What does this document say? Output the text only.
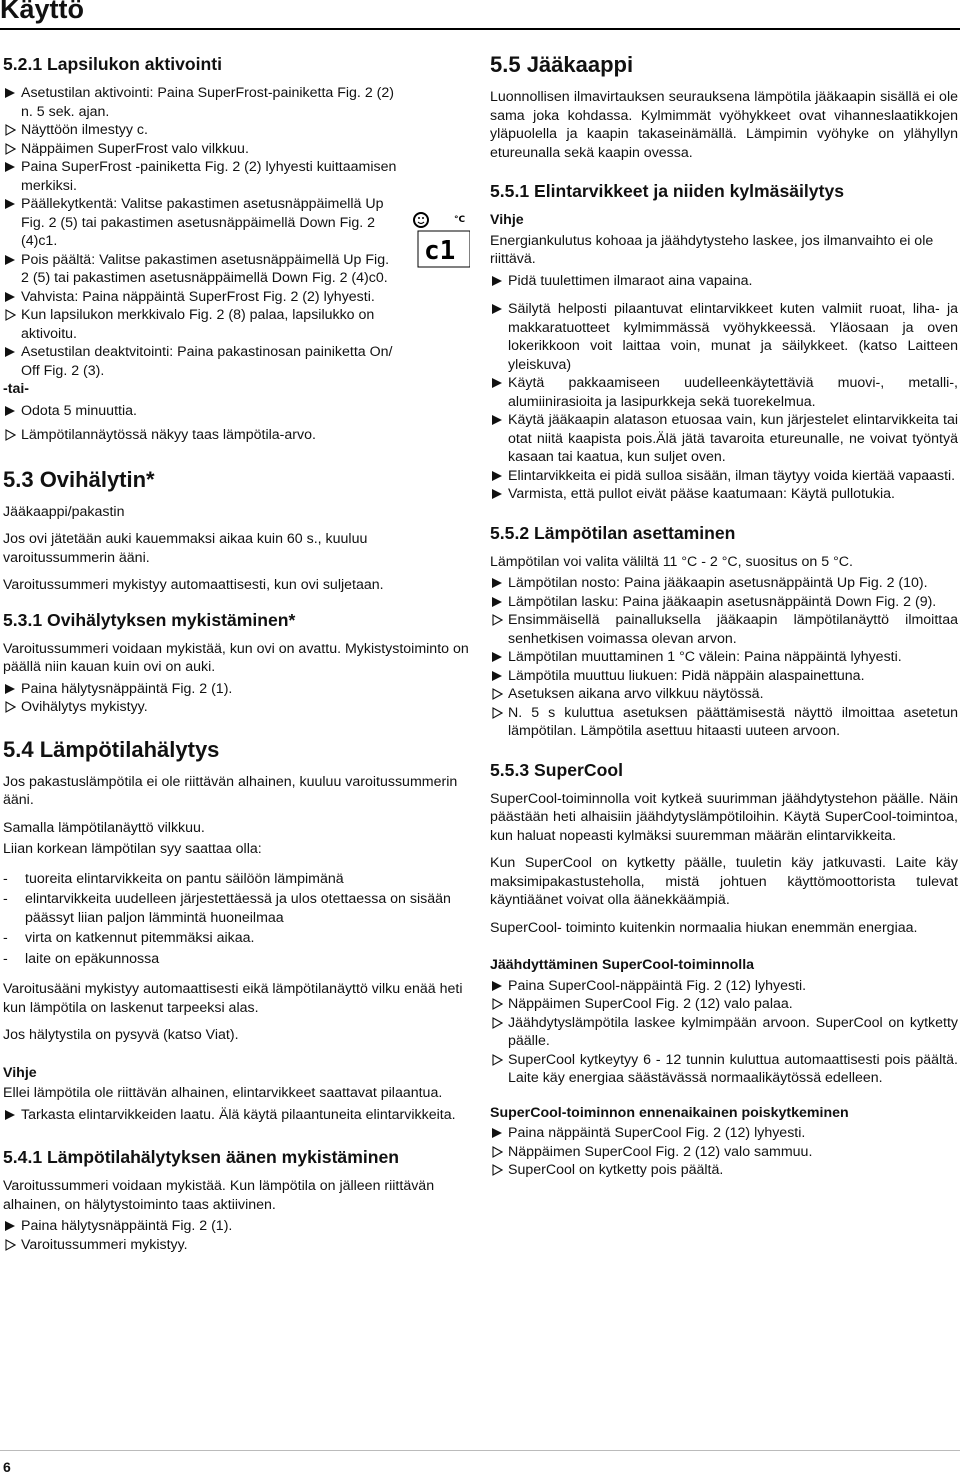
Käyttö
5.2.1 Lapsilukon aktivointi
Asetustilan aktivointi: Paina SuperFrost-painiketta Fig. 2 (2) n. 5 sek. ajan.
Näyttöön ilmestyy ᴄ.
Näppäimen SuperFrost valo vilkkuu.
Paina SuperFrost -painiketta Fig. 2 (2) lyhyesti kuittaamisen merkiksi.
Päällekytkentä: Valitse pakastimen asetusnäppäimellä Up Fig. 2 (5) tai pakastimen asetusnäppäimellä Down Fig. 2 (4)c1.
Pois päältä: Valitse pakastimen asetusnäppäimellä Up Fig. 2 (5) tai pakastimen asetusnäppäimellä Down Fig. 2 (4)c0.
Vahvista: Paina näppäintä SuperFrost Fig. 2 (2) lyhyesti.
Kun lapsilukon merkkivalo Fig. 2 (8) palaa, lapsilukko on aktivoitu.
Asetustilan deaktvitointi: Paina pakastinosan painiketta On/ Off Fig. 2 (3).
-tai-
Odota 5 minuuttia.
Lämpötilannäytössä näkyy taas lämpötila-arvo.
5.3 Ovihälytin*
Jääkaappi/pakastin
Jos ovi jätetään auki kauemmaksi aikaa kuin 60 s., kuuluu varoitussummerin ääni.
Varoitussummeri mykistyy automaattisesti, kun ovi suljetaan.
5.3.1 Ovihälytyksen mykistäminen*
Varoitussummeri voidaan mykistää, kun ovi on avattu. Mykistystoiminto on päällä niin kauan kuin ovi on auki.
Paina hälytysnäppäintä Fig. 2 (1).
Ovihälytys mykistyy.
5.4 Lämpötilahälytys
Jos pakastuslämpötila ei ole riittävän alhainen, kuuluu varoitussummerin ääni.
Samalla lämpötilanäyttö vilkkuu.
Liian korkean lämpötilan syy saattaa olla:
- tuoreita elintarvikkeita on pantu säilöön lämpimänä
- elintarvikkeita uudelleen järjestettäessä ja ulos otettaessa on sisään päässyt liian paljon lämmintä huoneilmaa
- virta on katkennut pitemmäksi aikaa.
- laite on epäkunnossa
Varoitusääni mykistyy automaattisesti eikä lämpötilanäyttö vilku enää heti kun lämpötila on laskenut tarpeeksi alas.
Jos hälytystila on pysyvä (katso Viat).
Vihje
Ellei lämpötila ole riittävän alhainen, elintarvikkeet saattavat pilaantua.
Tarkasta elintarvikkeiden laatu. Älä käytä pilaantuneita elintarvikkeita.
5.4.1 Lämpötilahälytyksen äänen mykistäminen
Varoitussummeri voidaan mykistää. Kun lämpötila on jälleen riittävän alhainen, on hälytystoiminto taas aktiivinen.
Paina hälytysnäppäintä Fig. 2 (1).
Varoitussummeri mykistyy.
°C
c1
5.5 Jääkaappi
Luonnollisen ilmavirtauksen seurauksena lämpötila jääkaapin sisällä ei ole sama joka kohdassa. Kylmimmät vyöhykkeet ovat vihanneslaatikkojen yläpuolella ja kaapin takaseinämällä. Lämpimin vyöhyke on ylähyllyn etureunalla sekä kaapin ovessa.
5.5.1 Elintarvikkeet ja niiden kylmäsäilytys
Vihje
Energiankulutus kohoaa ja jäähdytysteho laskee, jos ilmanvaihto ei ole riittävä.
Pidä tuulettimen ilmaraot aina vapaina.
Säilytä helposti pilaantuvat elintarvikkeet kuten valmiit ruoat, liha- ja makkaratuotteet kylmimmässä vyöhykkeessä. Yläosaan ja oven lokerikkoon voit laittaa voin, munat ja säilykkeet. (katso Laitteen yleiskuva)
Käytä pakkaamiseen uudelleenkäytettäviä muovi-, metalli-, alumiinirasioita ja lasipurkkeja sekä tuorekelmua.
Käytä jääkaapin alatason etuosaa vain, kun järjestelet elintarvikkeita tai otat niitä kaapista pois.Älä jätä tavaroita etureunalle, ne voivat työntyä kasaan tai kaatua, kun suljet oven.
Elintarvikkeita ei pidä sulloa sisään, ilman täytyy voida kiertää vapaasti.
Varmista, että pullot eivät pääse kaatumaan: Käytä pullotukia.
5.5.2 Lämpötilan asettaminen
Lämpötilan voi valita väliltä 11 °C - 2 °C, suositus on 5 °C.
Lämpötilan nosto: Paina jääkaapin asetusnäppäintä Up Fig. 2 (10).
Lämpötilan lasku: Paina jääkaapin asetusnäppäintä Down Fig. 2 (9).
Ensimmäisellä painalluksella jääkaapin lämpötilanäyttö ilmoittaa senhetkisen voimassa olevan arvon.
Lämpötilan muuttaminen 1 °C välein: Paina näppäintä lyhyesti.
Lämpötila muuttuu liukuen: Pidä näppäin alaspainettuna.
Asetuksen aikana arvo vilkkuu näytössä.
N. 5 s kuluttua asetuksen päättämisestä näyttö ilmoittaa asetetun lämpötilan. Lämpötila asettuu hitaasti uuteen arvoon.
5.5.3 SuperCool
SuperCool-toiminnolla voit kytkeä suurimman jäähdytystehon päälle. Näin päästään heti alhaisiin jäähdytyslämpötiloihin. Käytä SuperCool-toimintoa, kun haluat nopeasti kylmäksi suuremman määrän elintarvikkeita.
Kun SuperCool on kytketty päälle, tuuletin käy jatkuvasti. Laite käy maksimipakastusteholla, mistä johtuen käyttömoottorista tulevat käyntiäänet voivat olla äänekkäämpiä.
SuperCool- toiminto kuitenkin normaalia hiukan enemmän energiaa.
Jäähdyttäminen SuperCool-toiminnolla
Paina SuperCool-näppäintä Fig. 2 (12) lyhyesti.
Näppäimen SuperCool Fig. 2 (12) valo palaa.
Jäähdytyslämpötila laskee kylmimpään arvoon. SuperCool on kytketty päälle.
SuperCool kytkeytyy 6 - 12 tunnin kuluttua automaattisesti pois päältä. Laite käy energiaa säästävässä normaalikäytössä edelleen.
SuperCool-toiminnon ennenaikainen poiskytkeminen
Paina näppäintä SuperCool Fig. 2 (12) lyhyesti.
Näppäimen SuperCool Fig. 2 (12) valo sammuu.
SuperCool on kytketty pois päältä.
6
